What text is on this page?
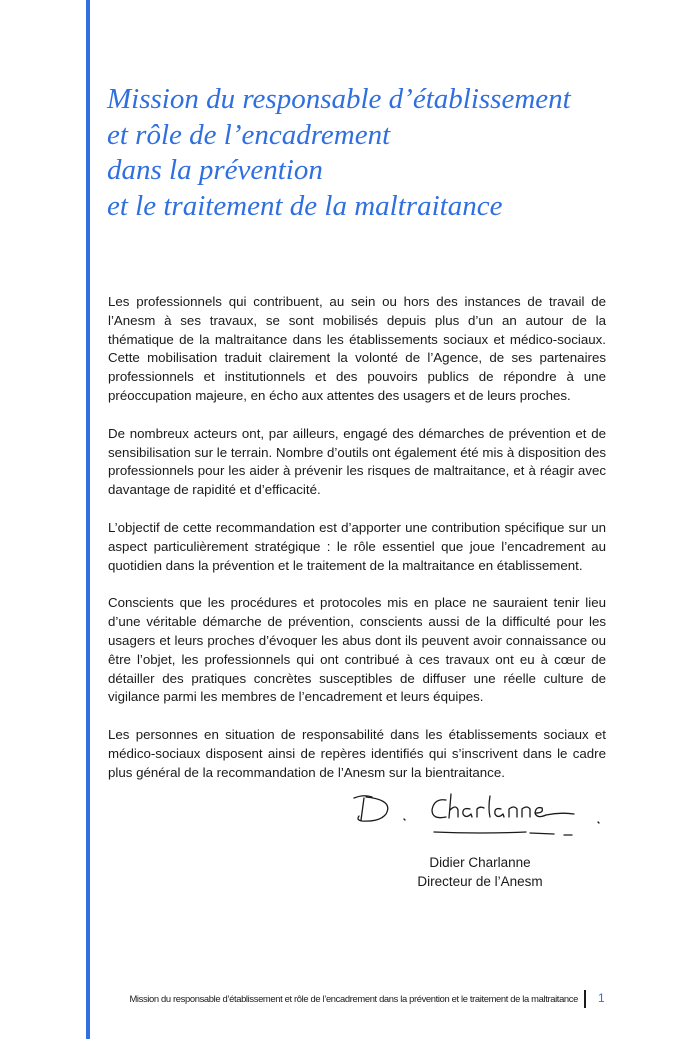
Mission du responsable d’établissement
et rôle de l’encadrement
dans la prévention
et le traitement de la maltraitance

Les professionnels qui contribuent, au sein ou hors des instances de travail de l’Anesm à ses travaux, se sont mobilisés depuis plus d’un an autour de la thématique de la maltraitance dans les établissements sociaux et médico-sociaux. Cette mobilisation traduit clairement la volonté de l’Agence, de ses partenaires professionnels et institutionnels et des pouvoirs publics de répondre à une préoccupation majeure, en écho aux attentes des usagers et de leurs proches.

De nombreux acteurs ont, par ailleurs, engagé des démarches de prévention et de sensibilisation sur le terrain. Nombre d’outils ont également été mis à disposition des professionnels pour les aider à prévenir les risques de maltraitance, et à réagir avec davantage de rapidité et d’efficacité.

L’objectif de cette recommandation est d’apporter une contribution spécifique sur un aspect particulièrement stratégique : le rôle essentiel que joue l’encadrement au quotidien dans la prévention et le traitement de la maltraitance en établissement.

Conscients que les procédures et protocoles mis en place ne sauraient tenir lieu d’une véritable démarche de prévention, conscients aussi de la difficulté pour les usagers et leurs proches d’évoquer les abus dont ils peuvent avoir connaissance ou être l’objet, les professionnels qui ont contribué à ces travaux ont eu à cœur de détailler des pratiques concrètes susceptibles de diffuser une réelle culture de vigilance parmi les membres de l’encadrement et leurs équipes.

Les personnes en situation de responsabilité dans les établissements sociaux et médico-sociaux disposent ainsi de repères identifiés qui s’inscrivent dans le cadre plus général de la recommandation de l’Anesm sur la bientraitance.

Didier Charlanne
Directeur de l’Anesm
Mission du responsable d’établissement et rôle de l’encadrement dans la prévention et le traitement de la maltraitance 1
